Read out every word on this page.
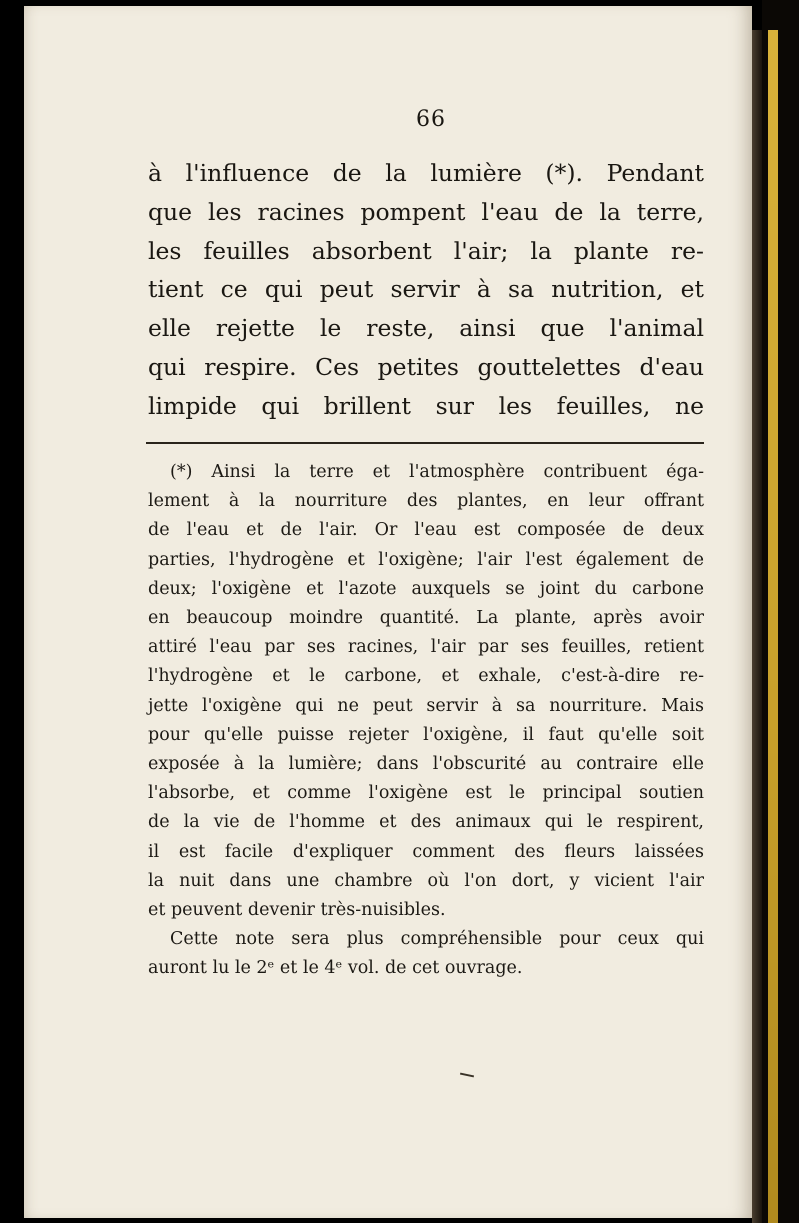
66
à l'influence de la lumière (*). Pendant
que les racines pompent l'eau de la terre,
les feuilles absorbent l'air; la plante re-
tient ce qui peut servir à sa nutrition, et
elle rejette le reste, ainsi que l'animal
qui respire. Ces petites gouttelettes d'eau
limpide qui brillent sur les feuilles, ne
(*) Ainsi la terre et l'atmosphère contribuent éga-
lement à la nourriture des plantes, en leur offrant
de l'eau et de l'air. Or l'eau est composée de deux
parties, l'hydrogène et l'oxigène; l'air l'est également de
deux; l'oxigène et l'azote auxquels se joint du carbone
en beaucoup moindre quantité. La plante, après avoir
attiré l'eau par ses racines, l'air par ses feuilles, retient
l'hydrogène et le carbone, et exhale, c'est-à-dire re-
jette l'oxigène qui ne peut servir à sa nourriture. Mais
pour qu'elle puisse rejeter l'oxigène, il faut qu'elle soit
exposée à la lumière; dans l'obscurité au contraire elle
l'absorbe, et comme l'oxigène est le principal soutien
de la vie de l'homme et des animaux qui le respirent,
il est facile d'expliquer comment des fleurs laissées
la nuit dans une chambre où l'on dort, y vicient l'air
et peuvent devenir très-nuisibles.
Cette note sera plus compréhensible pour ceux qui
auront lu le 2ᵉ et le 4ᵉ vol. de cet ouvrage.
